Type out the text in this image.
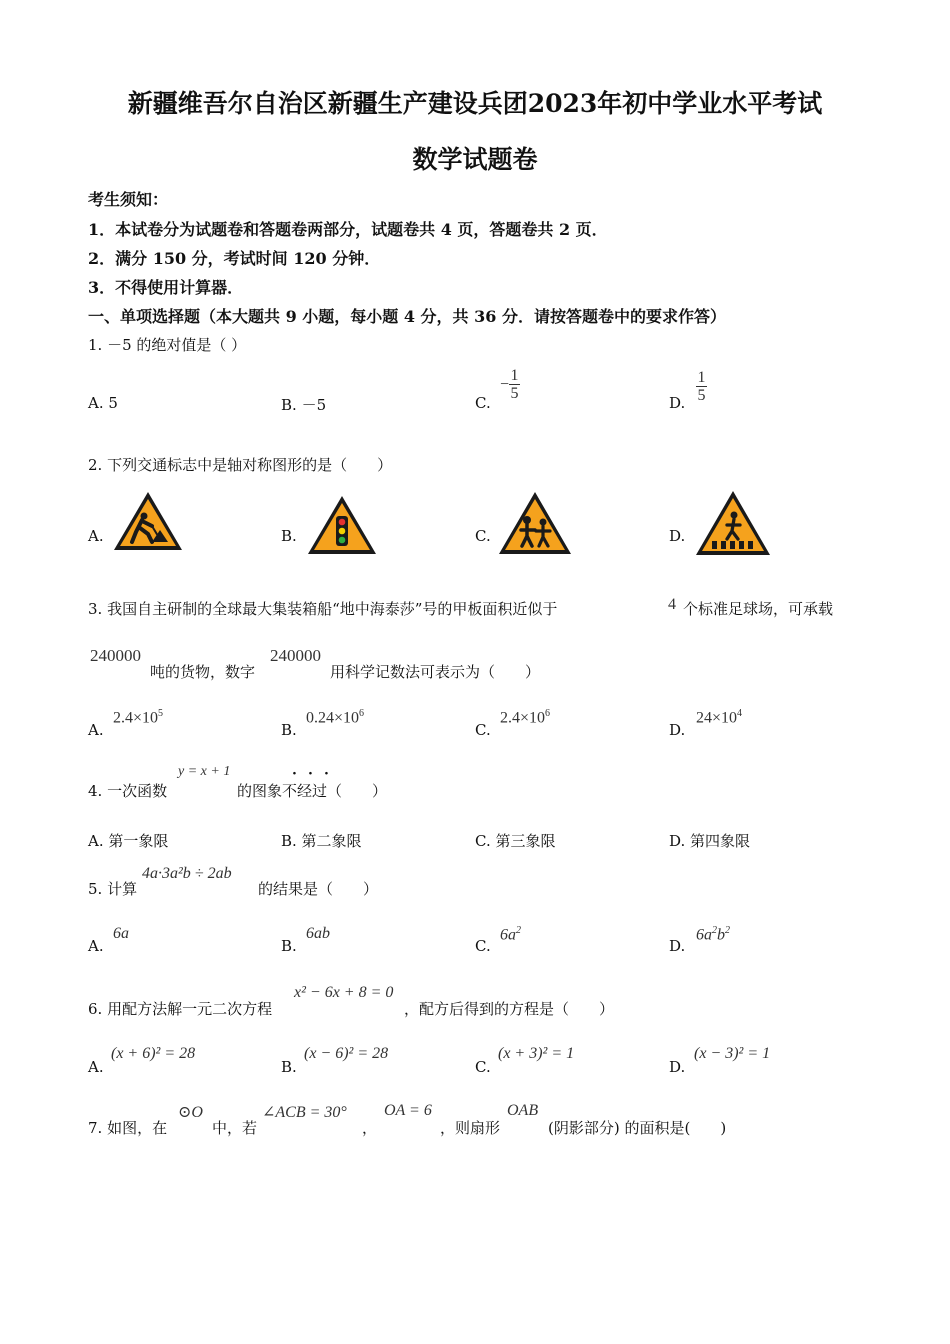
新疆维吾尔自治区新疆生产建设兵团2023年初中学业水平考试
数学试题卷
考生须知：
1．本试卷分为试题卷和答题卷两部分，试题卷共 4 页，答题卷共 2 页．
2．满分 150 分，考试时间 120 分钟．
3．不得使用计算器．
一、单项选择题（本大题共 9 小题，每小题 4 分，共 36 分．请按答题卷中的要求作答）
1. －5 的绝对值是（ ）
A. 5	B. －5	C.
− $\frac{1}{5}$
D. $\frac{1}{5}$
2. 下列交通标志中是轴对称图形的是（　　）
A.	B.	C.	D.
3. 我国自主研制的全球最大集装箱船“地中海泰莎”号的甲板面积近似于	4 个标准足球场，可承载
240000
吨的货物，数字
240000
用科学记数法可表示为（　　）
A.
$2.4\times 10^5$
B.
$0.24\times 10^6$
C.
$2.4\times 10^6$
D.
$24\times 10^4$
4. 一次函数
y = x + 1
的图象不经过（　　）
· · ·
A. 第一象限	B. 第二象限	C. 第三象限	D. 第四象限
5. 计算
4a·3a²b ÷ 2ab
的结果是（　　）
A.
6a
B.
6ab
C.
$6a^2$
D.
$6a^2b^2$
6. 用配方法解一元二次方程
x² − 6x + 8 = 0
，配方后得到的方程是（　　）
A.
(x + 6)² = 28
B.
(x − 6)² = 28
C.
(x + 3)² = 1
D.
(x − 3)² = 1
7. 如图，在
⊙O
中，若
∠ACB = 30°
，
OA = 6
，则扇形
OAB
(阴影部分) 的面积是(　　)
